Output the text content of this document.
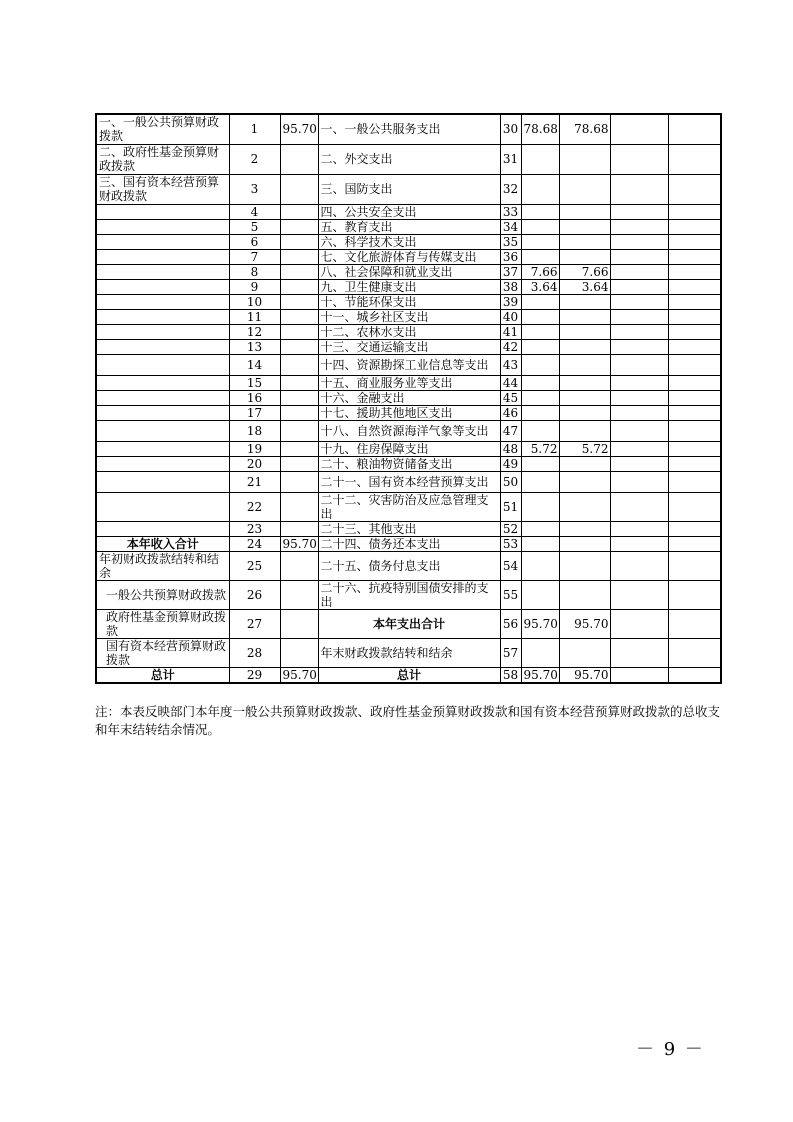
一、一般公共预算财政拨款	1	95.70	一、一般公共服务支出	30	78.68	78.68		
二、政府性基金预算财政拨款	2		二、外交支出	31				
三、国有资本经营预算财政拨款	3		三、国防支出	32				
	4		四、公共安全支出	33				
	5		五、教育支出	34				
	6		六、科学技术支出	35				
	7		七、文化旅游体育与传媒支出	36				
	8		八、社会保障和就业支出	37	7.66	7.66		
	9		九、卫生健康支出	38	3.64	3.64		
	10		十、节能环保支出	39				
	11		十一、城乡社区支出	40				
	12		十二、农林水支出	41				
	13		十三、交通运输支出	42				
	14		十四、资源勘探工业信息等支出	43				
	15		十五、商业服务业等支出	44				
	16		十六、金融支出	45				
	17		十七、援助其他地区支出	46				
	18		十八、自然资源海洋气象等支出	47				
	19		十九、住房保障支出	48	5.72	5.72		
	20		二十、粮油物资储备支出	49				
	21		二十一、国有资本经营预算支出	50				
	22		二十二、灾害防治及应急管理支出	51				
	23		二十三、其他支出	52				
本年收入合计	24	95.70	二十四、债务还本支出	53				
年初财政拨款结转和结余	25		二十五、债务付息支出	54				
一般公共预算财政拨款	26		二十六、抗疫特别国债安排的支出	55				
政府性基金预算财政拨款	27		本年支出合计	56	95.70	95.70		
国有资本经营预算财政拨款	28		年末财政拨款结转和结余	57				
总计	29	95.70	总计	58	95.70	95.70		

注：本表反映部门本年度一般公共预算财政拨款、政府性基金预算财政拨款和国有资本经营预算财政拨款的总收支和年末结转结余情况。

－ 9 －
